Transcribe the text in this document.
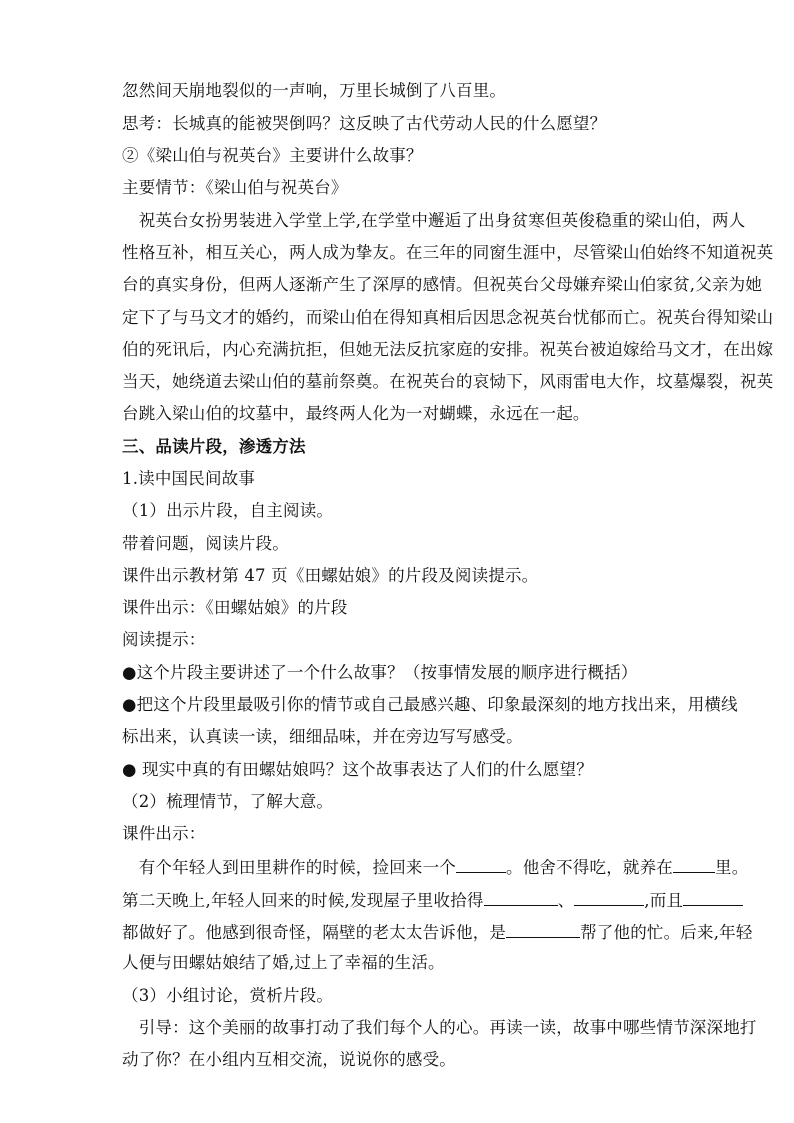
忽然间天崩地裂似的一声响，万里长城倒了八百里。
思考：长城真的能被哭倒吗？这反映了古代劳动人民的什么愿望？
②《梁山伯与祝英台》主要讲什么故事？
主要情节：《梁山伯与祝英台》
　祝英台女扮男装进入学堂上学,在学堂中邂逅了出身贫寒但英俊稳重的梁山伯，两人
性格互补，相互关心，两人成为挚友。在三年的同窗生涯中，尽管梁山伯始终不知道祝英
台的真实身份，但两人逐渐产生了深厚的感情。但祝英台父母嫌弃梁山伯家贫,父亲为她
定下了与马文才的婚约，而梁山伯在得知真相后因思念祝英台忧郁而亡。祝英台得知梁山
伯的死讯后，内心充满抗拒，但她无法反抗家庭的安排。祝英台被迫嫁给马文才，在出嫁
当天，她绕道去梁山伯的墓前祭奠。在祝英台的哀恸下，风雨雷电大作，坟墓爆裂，祝英
台跳入梁山伯的坟墓中，最终两人化为一对蝴蝶，永远在一起。
三、品读片段，渗透方法
1.读中国民间故事
（1）出示片段，自主阅读。
带着问题，阅读片段。
课件出示教材第 47 页《田螺姑娘》的片段及阅读提示。
课件出示：《田螺姑娘》的片段
阅读提示：
●这个片段主要讲述了一个什么故事？（按事情发展的顺序进行概括）
●把这个片段里最吸引你的情节或自己最感兴趣、印象最深刻的地方找出来，用横线
标出来，认真读一读，细细品味，并在旁边写写感受。
● 现实中真的有田螺姑娘吗？这个故事表达了人们的什么愿望？
（2）梳理情节，了解大意。
课件出示：
　有个年轻人到田里耕作的时候，捡回来一个	。他舍不得吃，就养在	里。
第二天晚上,年轻人回来的时候,发现屋子里收拾得	、	,而且
都做好了。他感到很奇怪，隔壁的老太太告诉他，是	帮了他的忙。后来,年轻
人便与田螺姑娘结了婚,过上了幸福的生活。
（3）小组讨论，赏析片段。
　引导：这个美丽的故事打动了我们每个人的心。再读一读，故事中哪些情节深深地打
动了你？在小组内互相交流，说说你的感受。
